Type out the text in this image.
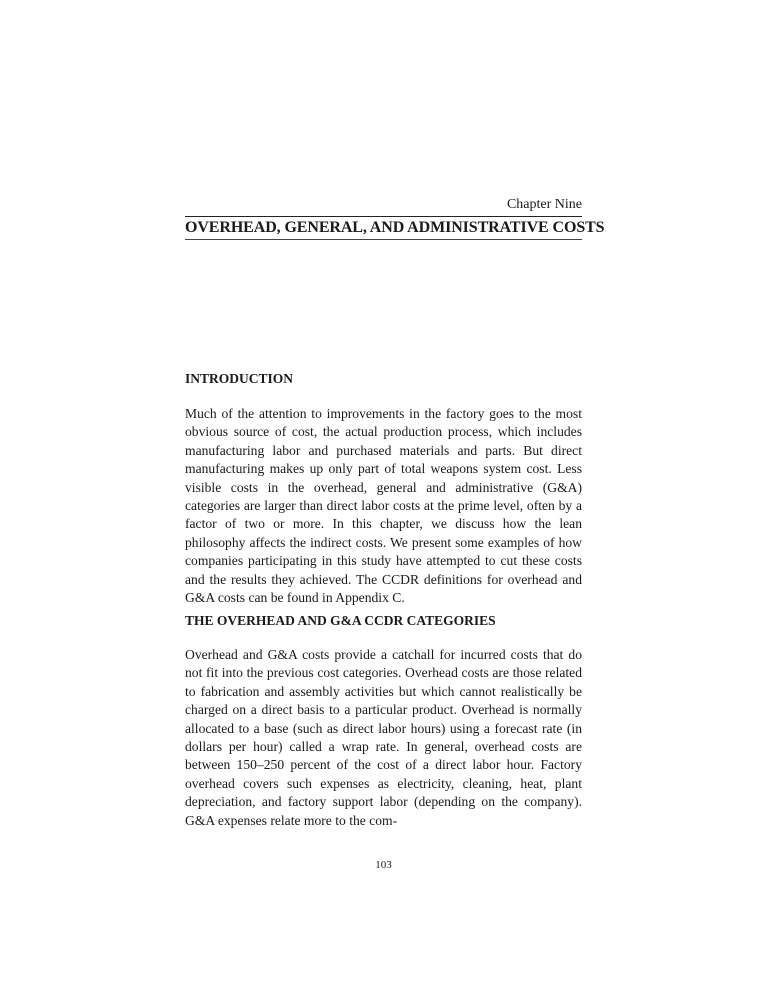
Chapter Nine
OVERHEAD, GENERAL, AND ADMINISTRATIVE COSTS
INTRODUCTION

Much of the attention to improvements in the factory goes to the most obvious source of cost, the actual production process, which includes manufacturing labor and purchased materials and parts. But direct manufacturing makes up only part of total weapons system cost. Less visible costs in the overhead, general and administrative (G&A) categories are larger than direct labor costs at the prime level, often by a factor of two or more. In this chapter, we discuss how the lean philosophy affects the indirect costs. We present some examples of how companies participating in this study have attempted to cut these costs and the results they achieved. The CCDR definitions for overhead and G&A costs can be found in Appendix C.

THE OVERHEAD AND G&A CCDR CATEGORIES

Overhead and G&A costs provide a catchall for incurred costs that do not fit into the previous cost categories. Overhead costs are those related to fabrication and assembly activities but which cannot realistically be charged on a direct basis to a particular product. Overhead is normally allocated to a base (such as direct labor hours) using a forecast rate (in dollars per hour) called a wrap rate. In general, overhead costs are between 150–250 percent of the cost of a direct labor hour. Factory overhead covers such expenses as electricity, cleaning, heat, plant depreciation, and factory support labor (depending on the company). G&A expenses relate more to the com-

103
